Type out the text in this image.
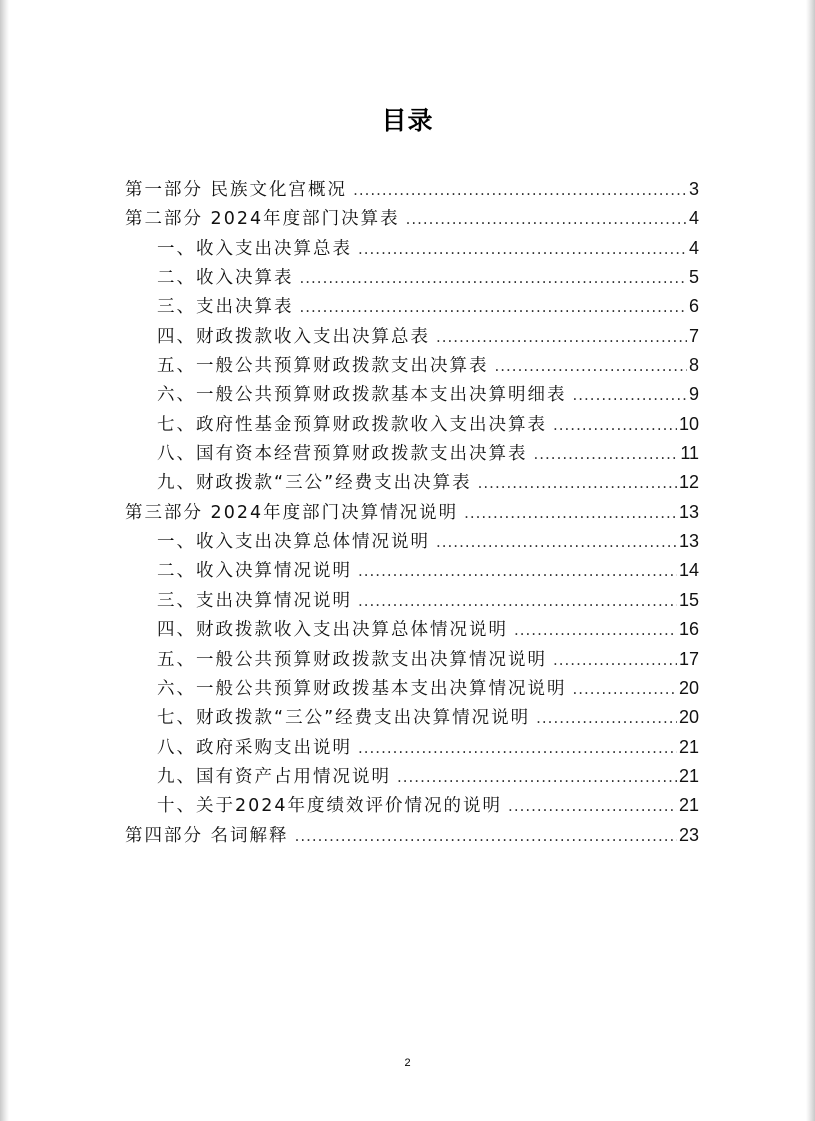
目录
第一部分 民族文化宫概况 .....	3
第二部分 2024年度部门决算表 .....	4
一、收入支出决算总表 .....	4
二、收入决算表 .....	5
三、支出决算表 .....	6
四、财政拨款收入支出决算总表 .....	7
五、一般公共预算财政拨款支出决算表 .....	8
六、一般公共预算财政拨款基本支出决算明细表 .....	9
七、政府性基金预算财政拨款收入支出决算表 .....	10
八、国有资本经营预算财政拨款支出决算表 .....	11
九、财政拨款“三公”经费支出决算表 .....	12
第三部分 2024年度部门决算情况说明 .....	13
一、收入支出决算总体情况说明 .....	13
二、收入决算情况说明 .....	14
三、支出决算情况说明 .....	15
四、财政拨款收入支出决算总体情况说明 .....	16
五、一般公共预算财政拨款支出决算情况说明 .....	17
六、一般公共预算财政拨基本支出决算情况说明 .....	20
七、财政拨款“三公”经费支出决算情况说明 .....	20
八、政府采购支出说明 .....	21
九、国有资产占用情况说明 .....	21
十、关于2024年度绩效评价情况的说明 .....	21
第四部分 名词解释 .....	23
2
